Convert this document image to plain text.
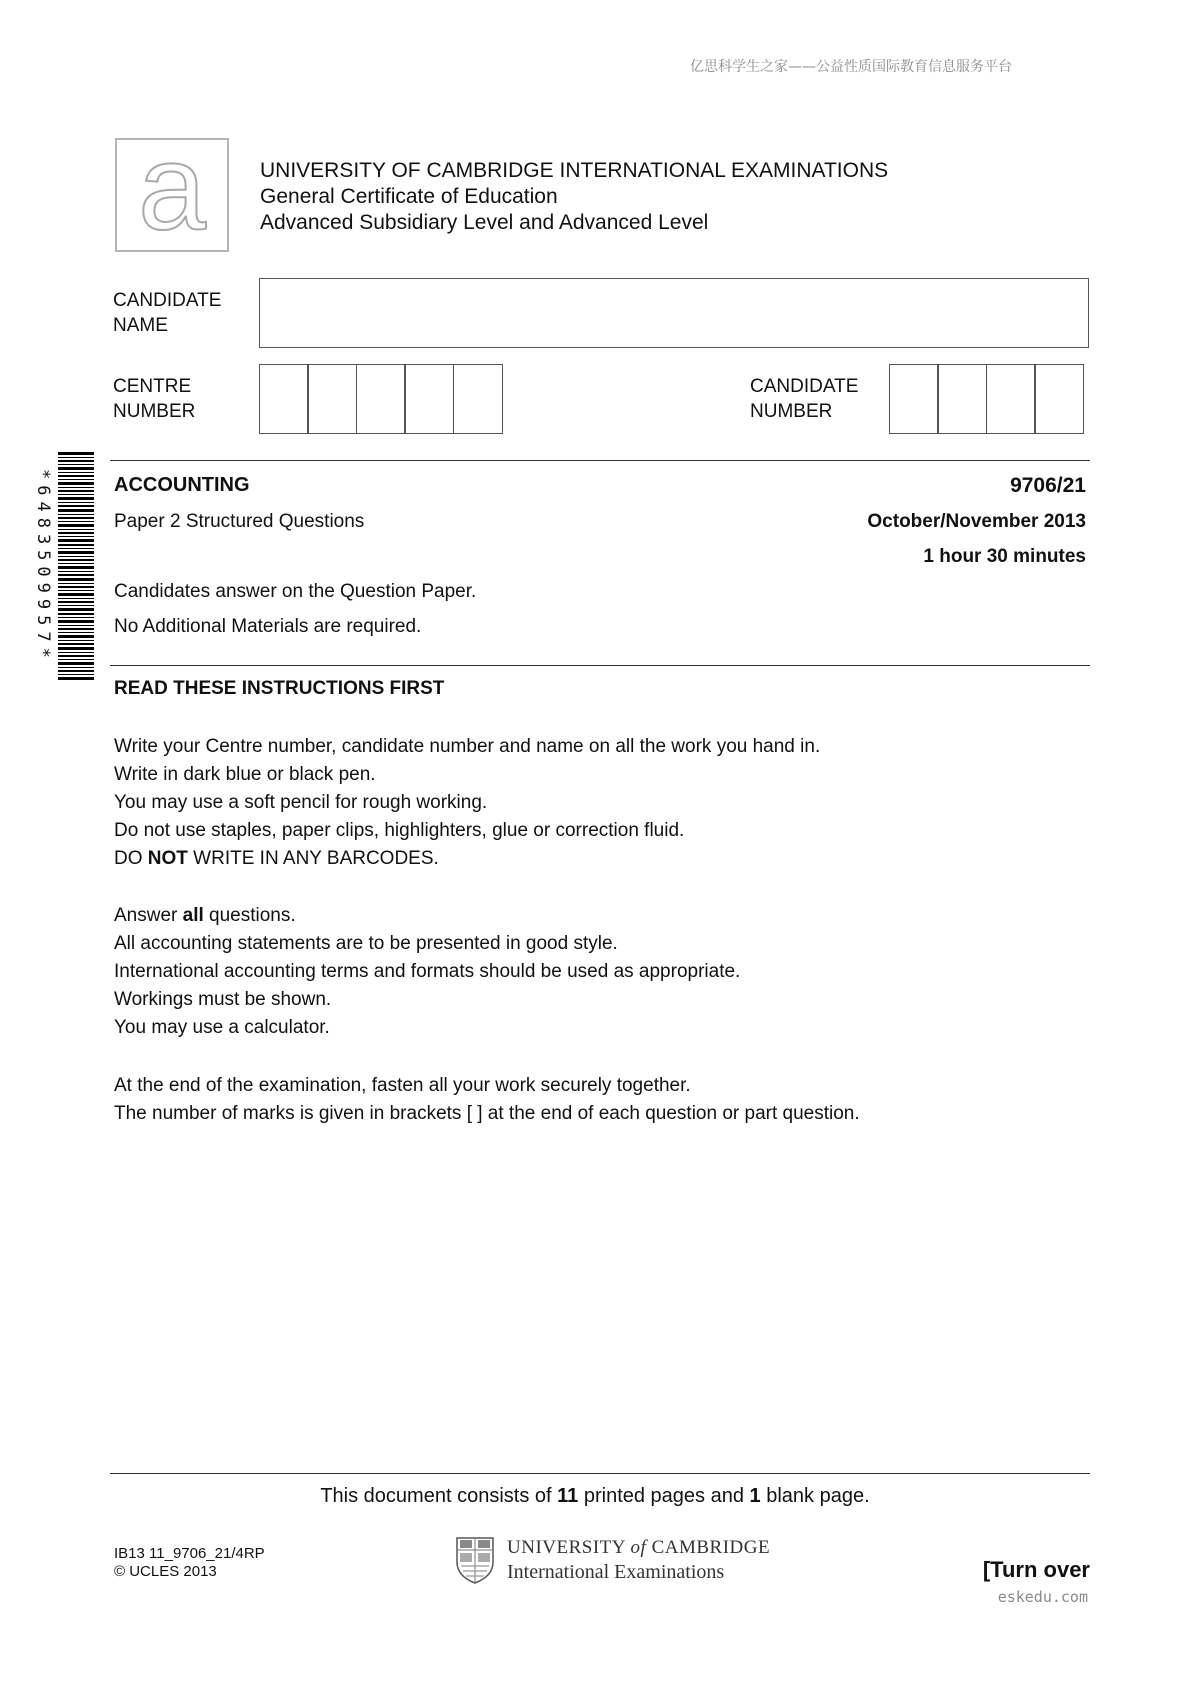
亿思科学生之家——公益性质国际教育信息服务平台
a	UNIVERSITY OF CAMBRIDGE INTERNATIONAL EXAMINATIONS
General Certificate of Education
Advanced Subsidiary Level and Advanced Level
CANDIDATE
NAME
CENTRE
NUMBER
CANDIDATE
NUMBER
*6483509957*	ACCOUNTING	9706/21
Paper 2 Structured Questions	October/November 2013
1 hour 30 minutes
Candidates answer on the Question Paper.
No Additional Materials are required.
READ THESE INSTRUCTIONS FIRST
Write your Centre number, candidate number and name on all the work you hand in.
Write in dark blue or black pen.
You may use a soft pencil for rough working.
Do not use staples, paper clips, highlighters, glue or correction fluid.
DO NOT WRITE IN ANY BARCODES.
Answer all questions.
All accounting statements are to be presented in good style.
International accounting terms and formats should be used as appropriate.
Workings must be shown.
You may use a calculator.
At the end of the examination, fasten all your work securely together.
The number of marks is given in brackets [ ] at the end of each question or part question.
This document consists of 11 printed pages and 1 blank page.
IB13 11_9706_21/4RP
© UCLES 2013
UNIVERSITY of CAMBRIDGE
International Examinations	[Turn over
eskedu.com
